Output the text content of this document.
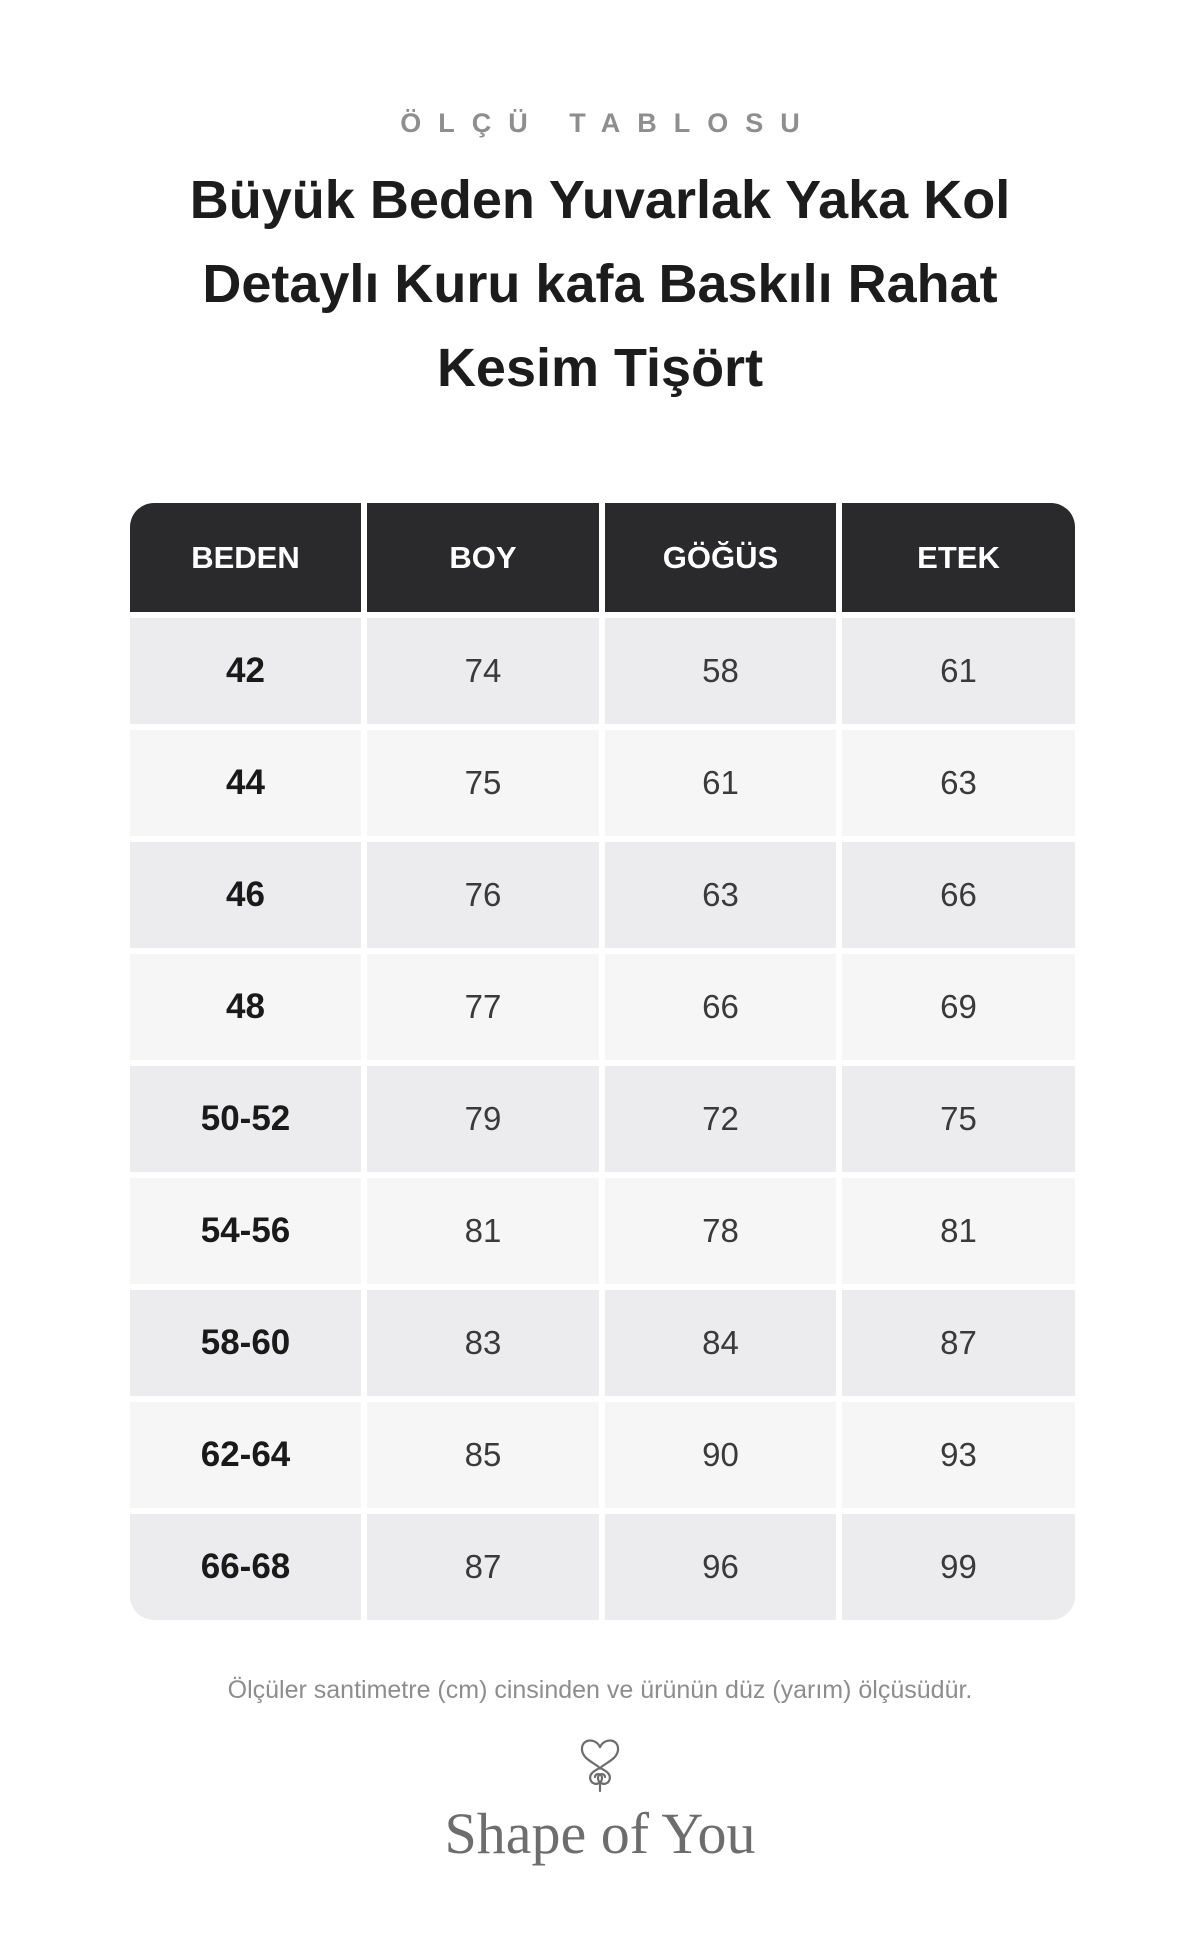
ÖLÇÜ TABLOSU
Büyük Beden Yuvarlak Yaka Kol Detaylı Kuru kafa Baskılı Rahat Kesim Tişört
BEDEN	BOY	GÖĞÜS	ETEK
42	74	58	61
44	75	61	63
46	76	63	66
48	77	66	69
50-52	79	72	75
54-56	81	78	81
58-60	83	84	87
62-64	85	90	93
66-68	87	96	99
Ölçüler santimetre (cm) cinsinden ve ürünün düz (yarım) ölçüsüdür.
Shape of You
